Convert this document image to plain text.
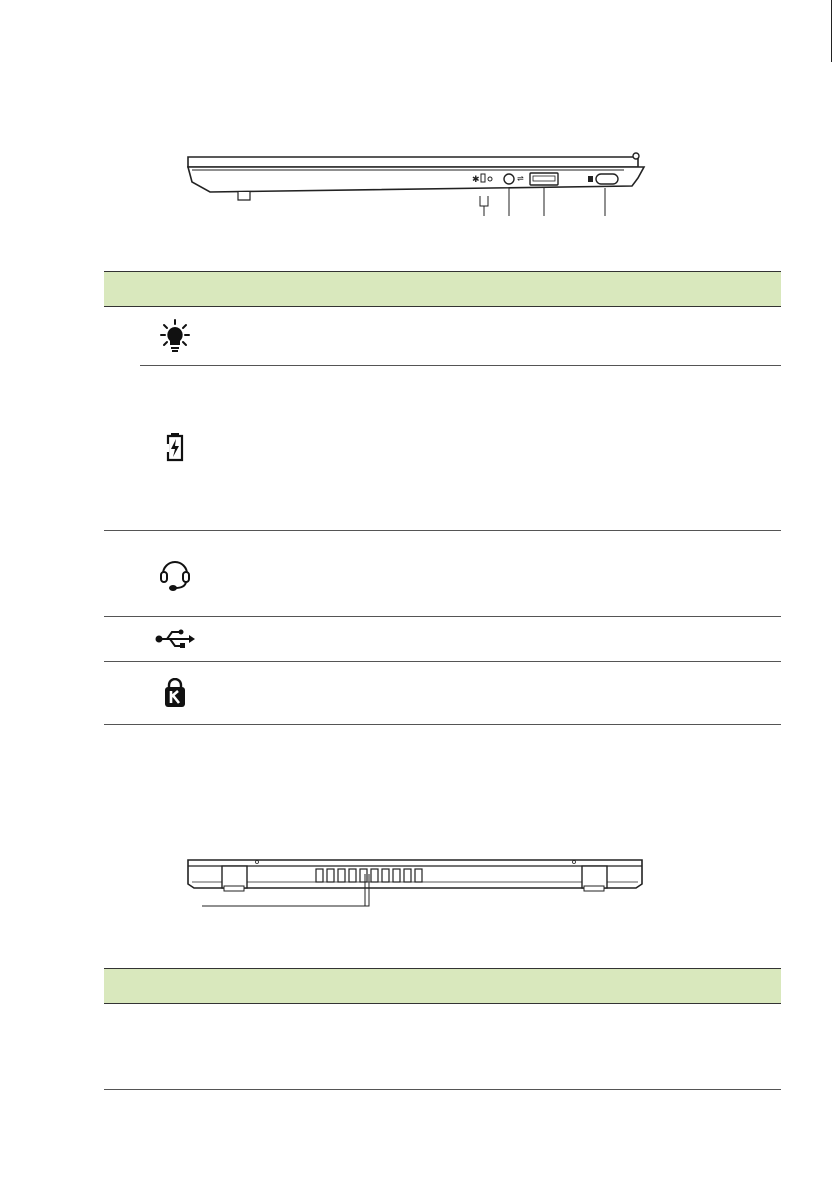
✱	⇌
